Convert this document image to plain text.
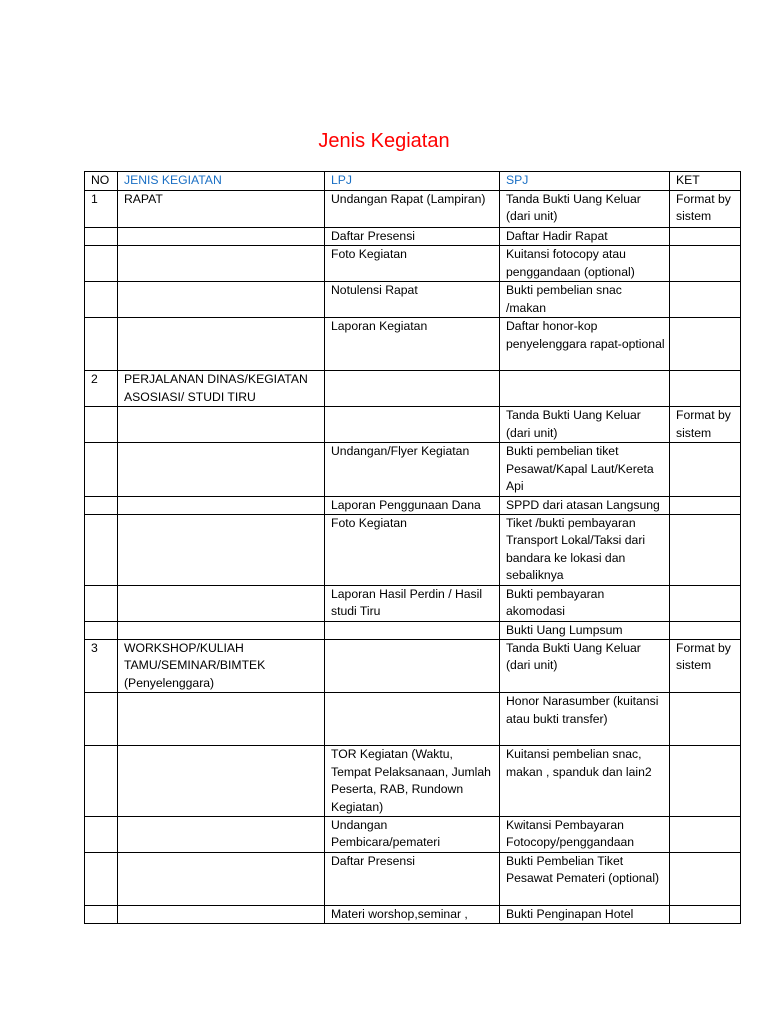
Jenis Kegiatan
NO	JENIS KEGIATAN	LPJ	SPJ	KET
1	RAPAT	Undangan Rapat (Lampiran)	Tanda Bukti Uang Keluar (dari unit)	Format by sistem
		Daftar Presensi	Daftar Hadir Rapat	
		Foto Kegiatan	Kuitansi fotocopy atau penggandaan (optional)	
		Notulensi Rapat	Bukti pembelian snac /makan	
		Laporan Kegiatan	Daftar honor-kop penyelenggara rapat-optional	
2	PERJALANAN DINAS/KEGIATAN ASOSIASI/ STUDI TIRU			
			Tanda Bukti Uang Keluar (dari unit)	Format by sistem
		Undangan/Flyer Kegiatan	Bukti pembelian tiket Pesawat/Kapal Laut/Kereta Api	
		Laporan Penggunaan Dana	SPPD dari atasan Langsung	
		Foto Kegiatan	Tiket /bukti pembayaran Transport Lokal/Taksi dari bandara ke lokasi dan sebaliknya	
		Laporan Hasil Perdin / Hasil studi Tiru	Bukti pembayaran akomodasi	
			Bukti Uang Lumpsum	
3	WORKSHOP/KULIAH TAMU/SEMINAR/BIMTEK (Penyelenggara)		Tanda Bukti Uang Keluar (dari unit)	Format by sistem
			Honor Narasumber (kuitansi atau bukti transfer)	
		TOR Kegiatan (Waktu, Tempat Pelaksanaan, Jumlah Peserta, RAB, Rundown Kegiatan)	Kuitansi pembelian snac, makan , spanduk dan lain2	
		Undangan Pembicara/pemateri	Kwitansi Pembayaran Fotocopy/penggandaan	
		Daftar Presensi	Bukti Pembelian Tiket Pesawat Pemateri (optional)	
		Materi worshop,seminar ,	Bukti Penginapan Hotel	
